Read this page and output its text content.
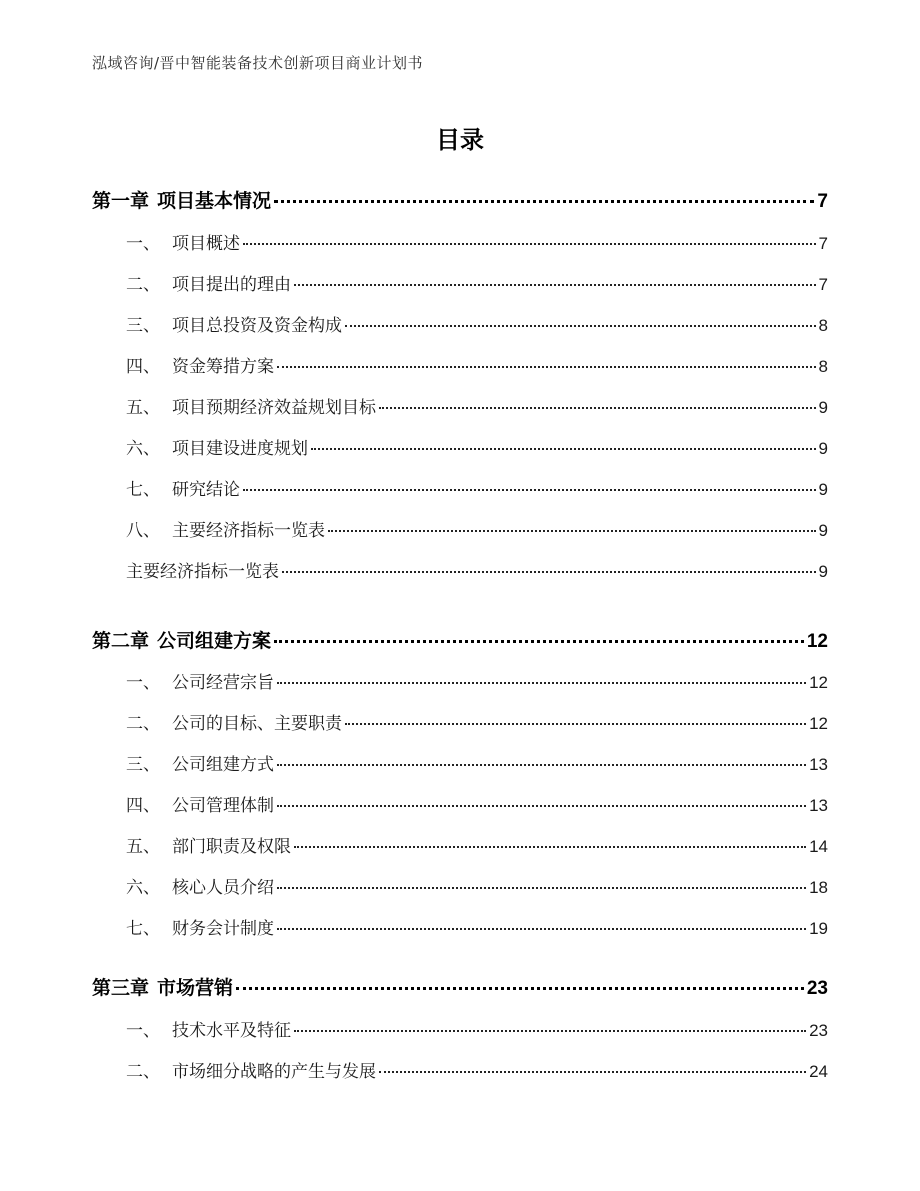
泓域咨询/晋中智能装备技术创新项目商业计划书
目录
第一章 项目基本情况	7
一、 项目概述	7
二、 项目提出的理由	7
三、 项目总投资及资金构成	8
四、 资金筹措方案	8
五、 项目预期经济效益规划目标	9
六、 项目建设进度规划	9
七、 研究结论	9
八、 主要经济指标一览表	9
主要经济指标一览表	9
第二章 公司组建方案	12
一、 公司经营宗旨	12
二、 公司的目标、主要职责	12
三、 公司组建方式	13
四、 公司管理体制	13
五、 部门职责及权限	14
六、 核心人员介绍	18
七、 财务会计制度	19
第三章 市场营销	23
一、 技术水平及特征	23
二、 市场细分战略的产生与发展	24
